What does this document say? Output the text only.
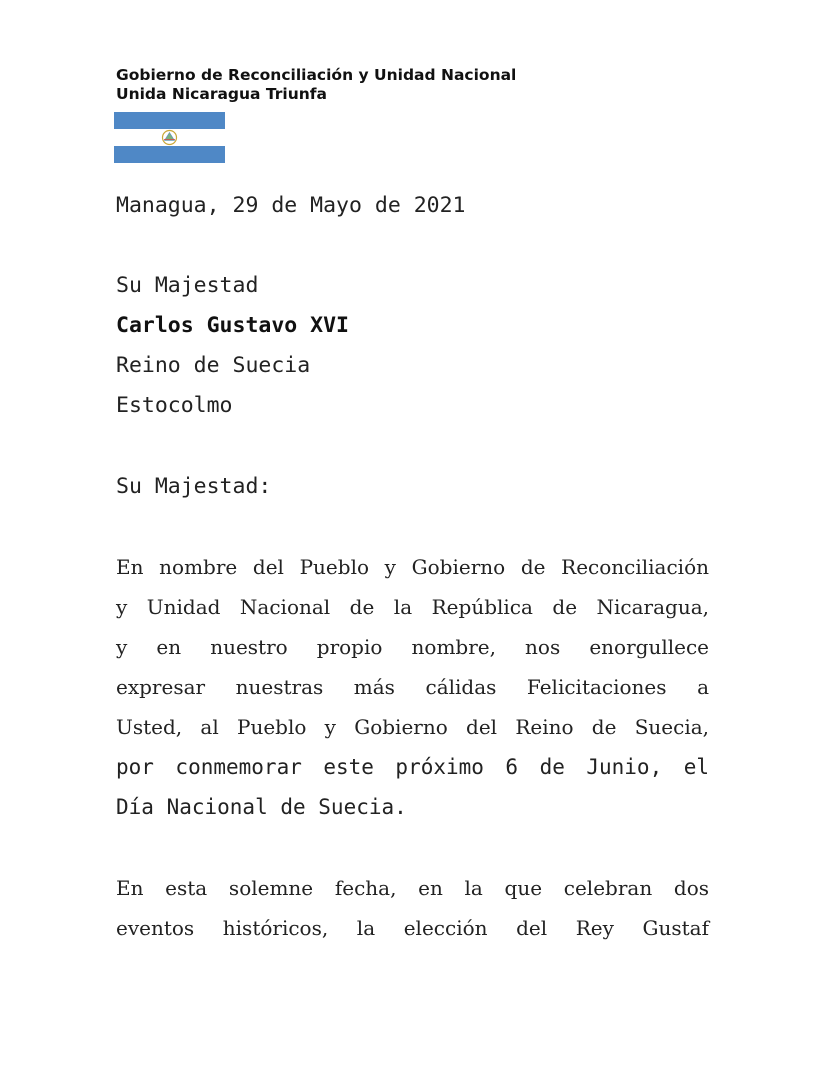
Gobierno de Reconciliación y Unidad Nacional
Unida Nicaragua Triunfa
Managua, 29 de Mayo de 2021
Su Majestad
Carlos Gustavo XVI
Reino de Suecia
Estocolmo
Su Majestad:
En nombre del Pueblo y Gobierno de Reconciliación
y Unidad Nacional de la República de Nicaragua,
y en nuestro propio nombre, nos enorgullece
expresar nuestras más cálidas Felicitaciones a
Usted, al Pueblo y Gobierno del Reino de Suecia,
por conmemorar este próximo 6 de Junio, el
Día Nacional de Suecia.
En esta solemne fecha, en la que celebran dos
eventos históricos, la elección del Rey Gustaf
